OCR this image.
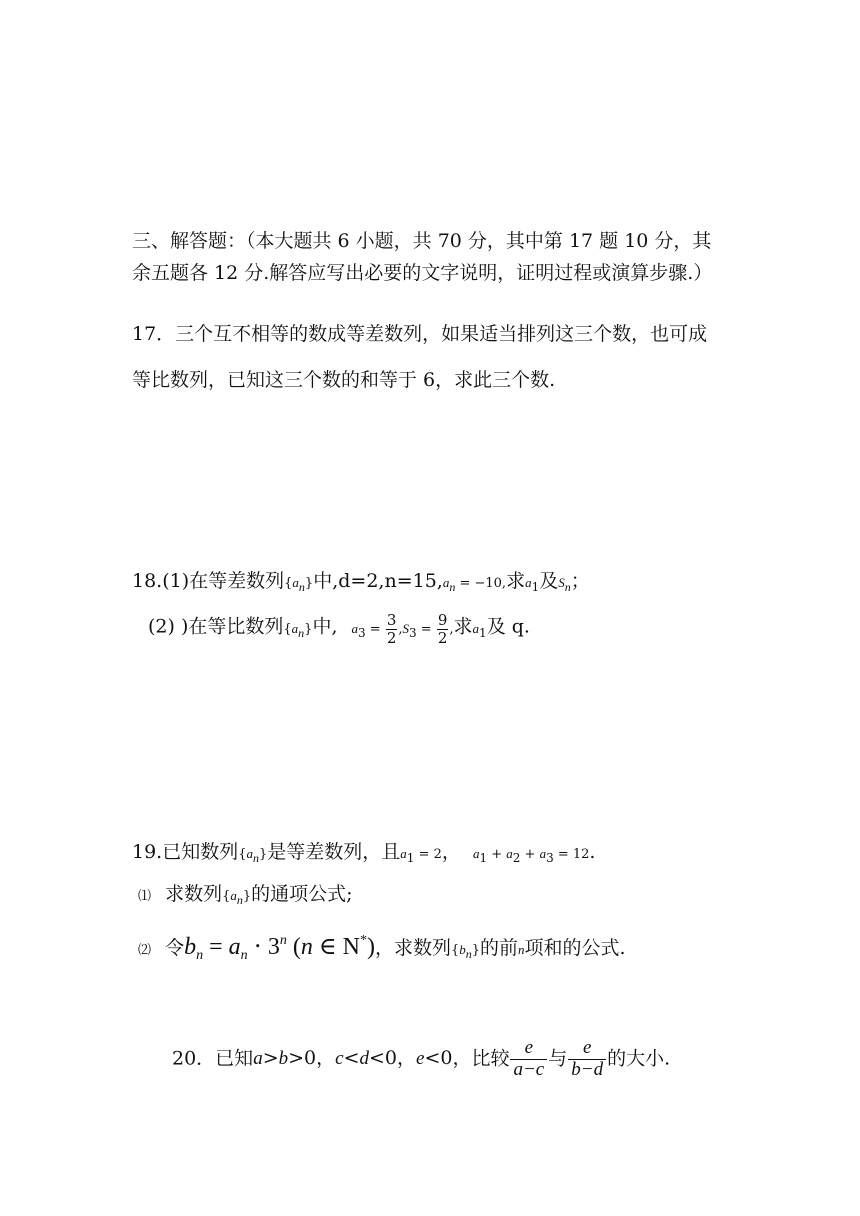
三、解答题：（本大题共 6 小题，共 70 分，其中第 17 题 10 分，其
余五题各 12 分.解答应写出必要的文字说明，证明过程或演算步骤.）
17．三个互不相等的数成等差数列，如果适当排列这三个数，也可成
等比数列，已知这三个数的和等于 6，求此三个数.
18.(1)在等差数列{an}中,d=2,n=15,an = −10,求a1及Sn；
(2) )在等比数列{an}中, $a3 = \frac{3}{2} ,S3 = \frac{9}{2}$ ,求a1及 q.
19.已知数列{an}是等差数列，且a1 = 2， a1 + a2 + a3 = 12.
⑴ 求数列{an}的通项公式;
⑵ 令$b_n = a_n \cdot 3^n$ (n ∈ N*)，求数列{bn}的前n项和的公式.
20．已知a>b>0，c<d<0，e<0，比较 $\frac{e}{a-c}$ 与 $\frac{e}{b-d}$ 的大小.
